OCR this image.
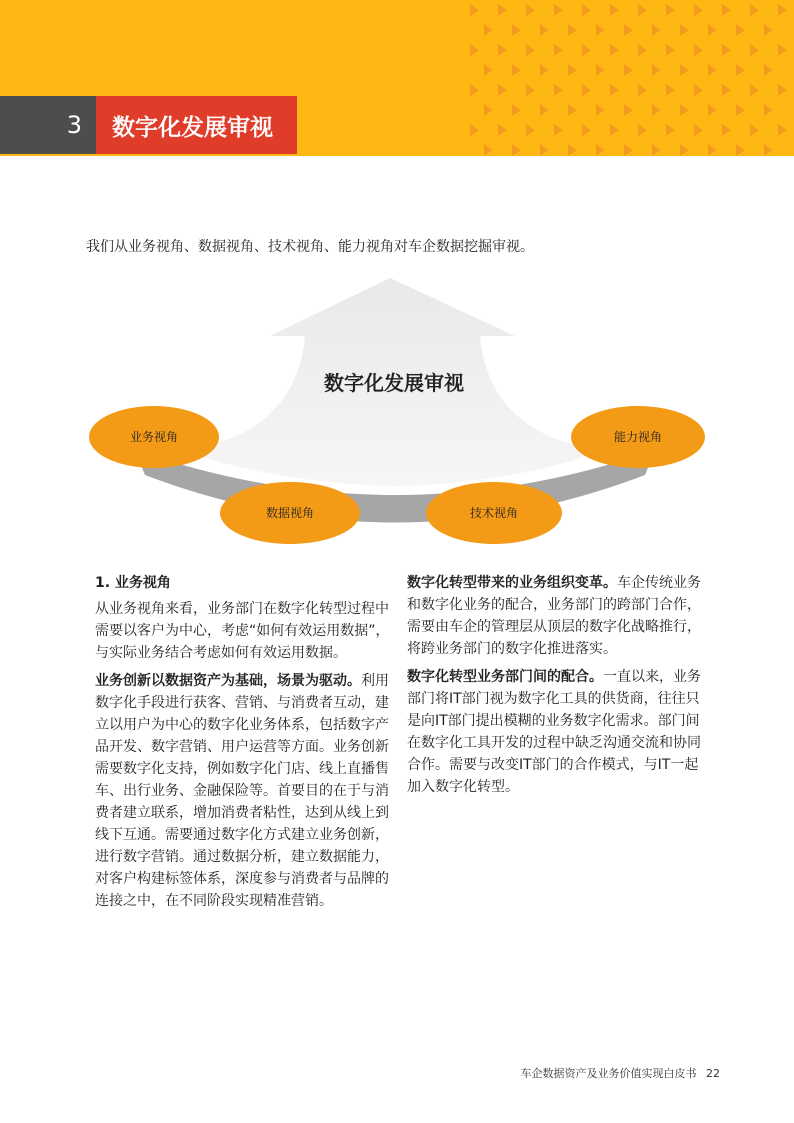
3	数字化发展审视
我们从业务视角、数据视角、技术视角、能力视角对车企数据挖掘审视。
数字化发展审视
业务视角
数据视角	技术视角
能力视角

1. 业务视角

从业务视角来看，业务部门在数字化转型过程中需要以客户为中心，考虑“如何有效运用数据”，与实际业务结合考虑如何有效运用数据。

业务创新以数据资产为基础，场景为驱动。利用数字化手段进行获客、营销、与消费者互动，建立以用户为中心的数字化业务体系，包括数字产品开发、数字营销、用户运营等方面。业务创新需要数字化支持，例如数字化门店、线上直播售车、出行业务、金融保险等。首要目的在于与消费者建立联系，增加消费者粘性，达到从线上到线下互通。需要通过数字化方式建立业务创新，进行数字营销。通过数据分析，建立数据能力，对客户构建标签体系，深度参与消费者与品牌的连接之中，在不同阶段实现精准营销。

数字化转型带来的业务组织变革。车企传统业务和数字化业务的配合，业务部门的跨部门合作，需要由车企的管理层从顶层的数字化战略推行，将跨业务部门的数字化推进落实。

数字化转型业务部门间的配合。一直以来，业务部门将IT部门视为数字化工具的供货商，往往只是向IT部门提出模糊的业务数字化需求。部门间在数字化工具开发的过程中缺乏沟通交流和协同合作。需要与改变IT部门的合作模式，与IT一起加入数字化转型。

车企数据资产及业务价值实现白皮书 22
